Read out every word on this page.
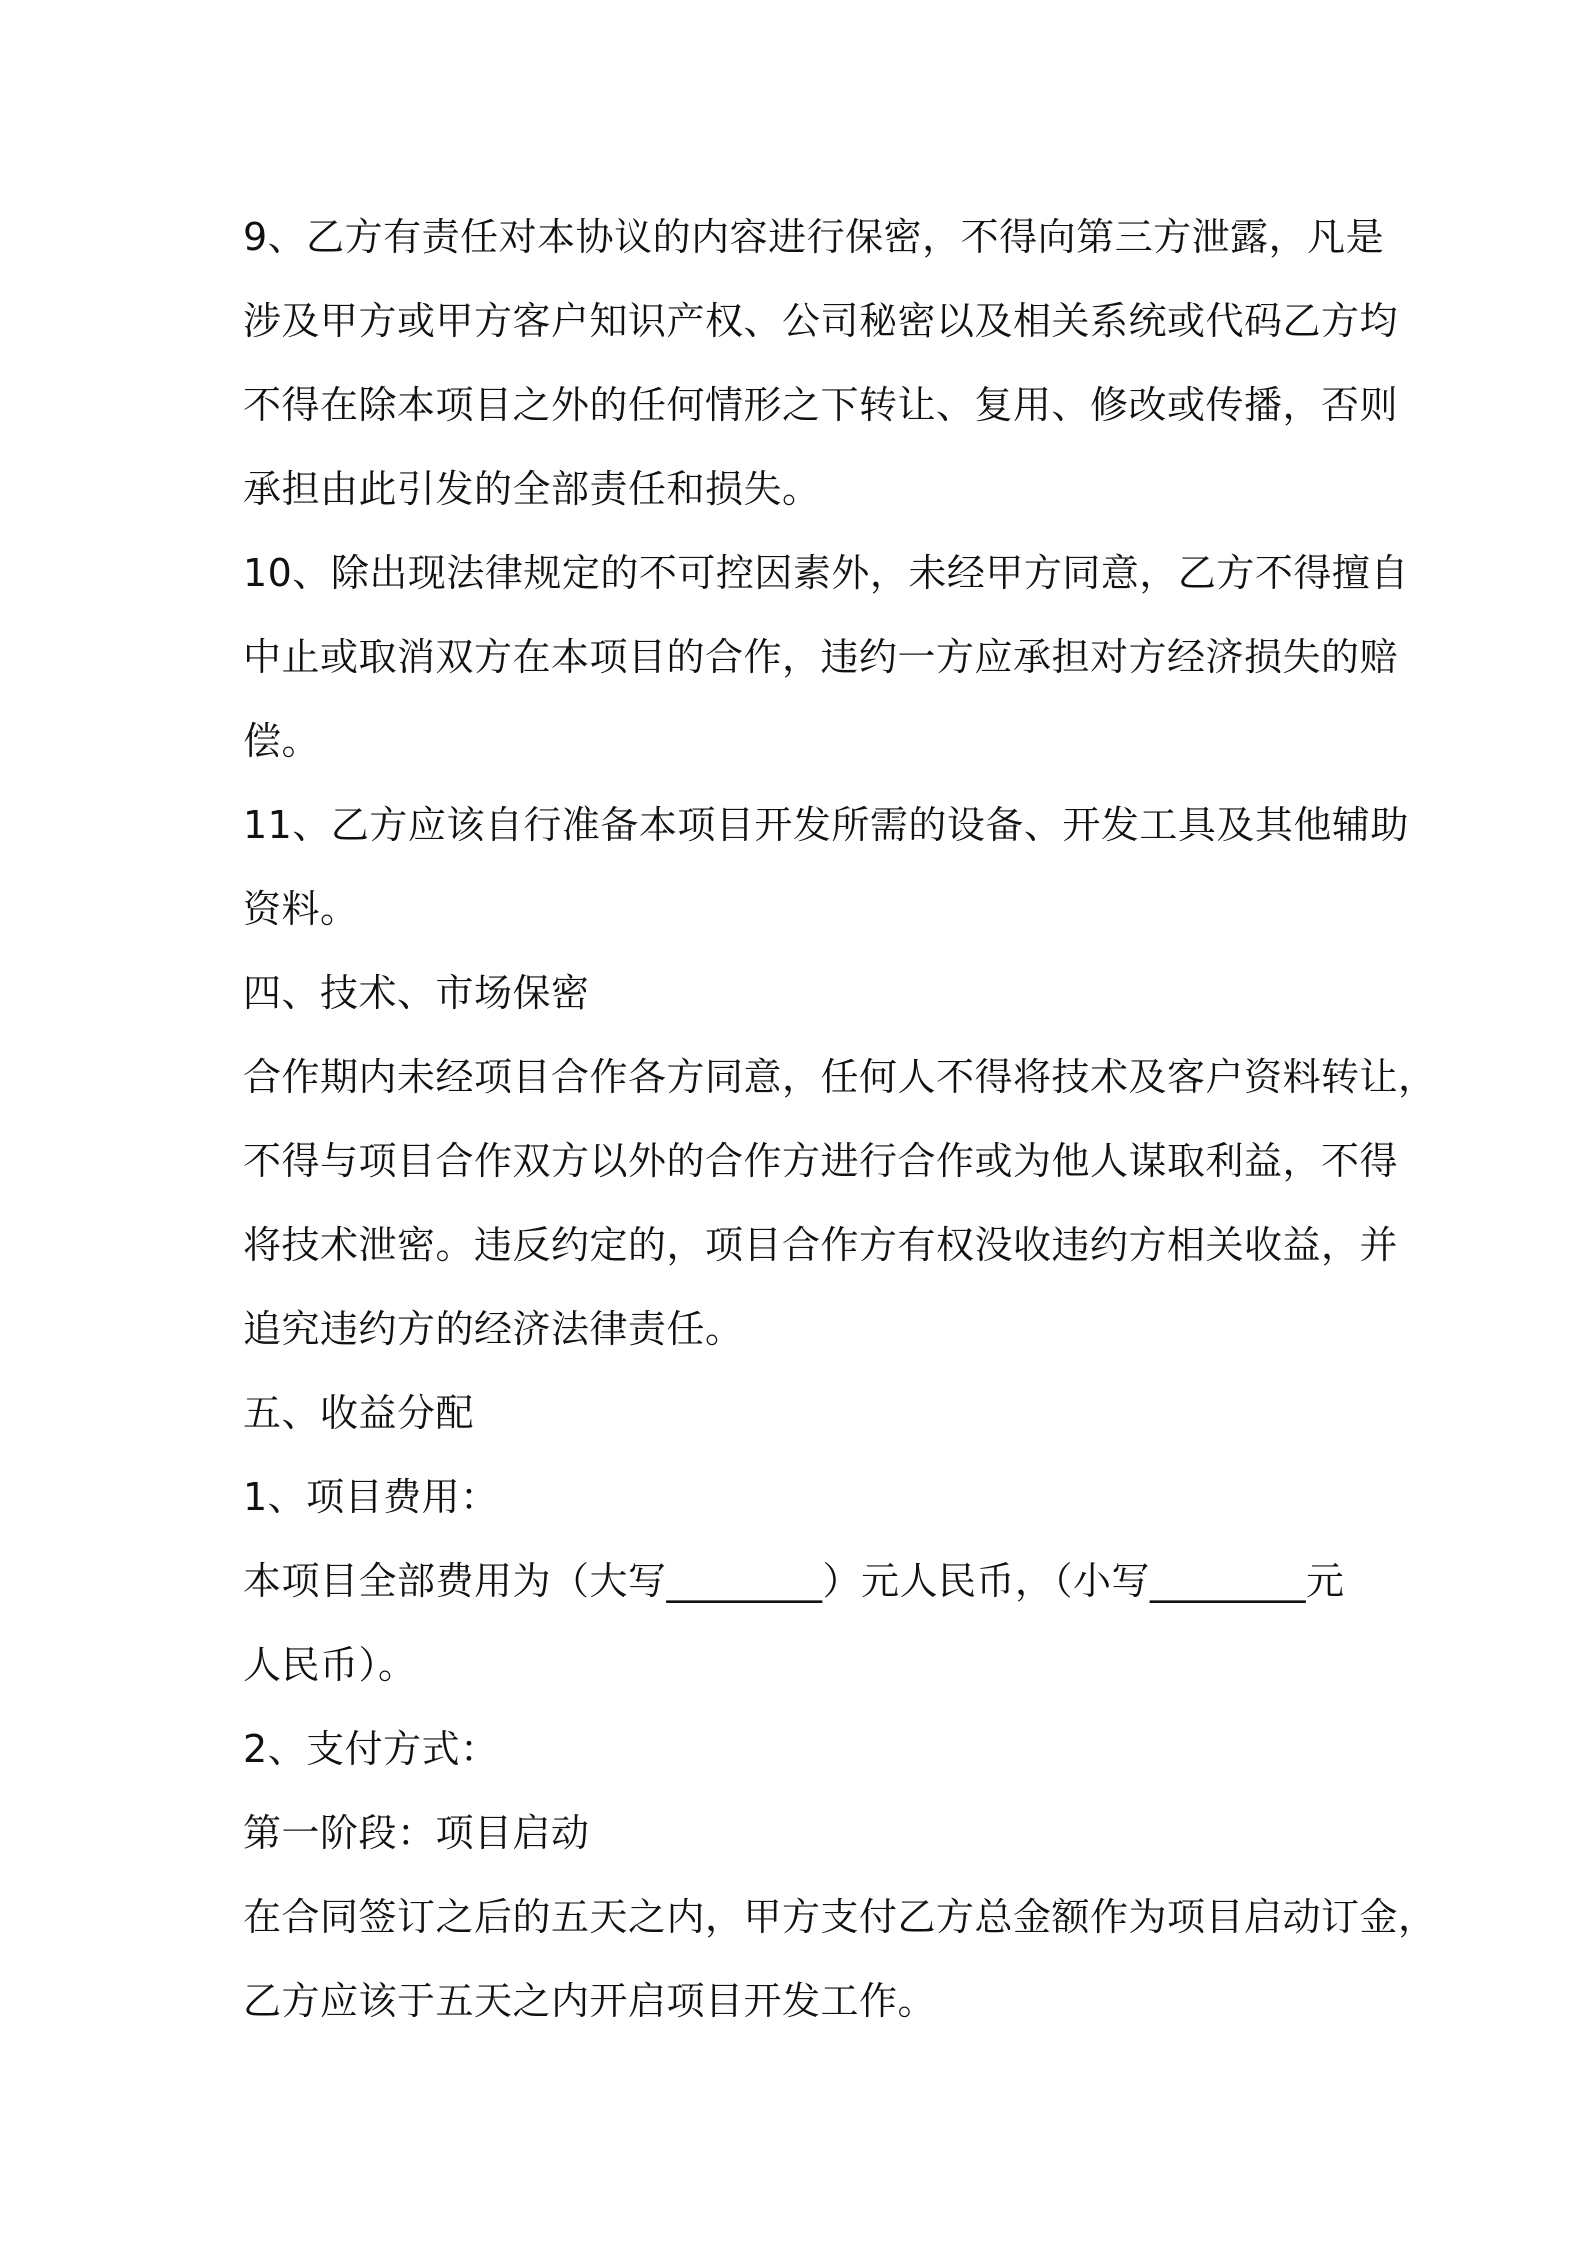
9、乙方有责任对本协议的内容进行保密，不得向第三方泄露，凡是
涉及甲方或甲方客户知识产权、公司秘密以及相关系统或代码乙方均
不得在除本项目之外的任何情形之下转让、复用、修改或传播，否则
承担由此引发的全部责任和损失。

10、除出现法律规定的不可控因素外，未经甲方同意，乙方不得擅自
中止或取消双方在本项目的合作，违约一方应承担对方经济损失的赔
偿。

11、乙方应该自行准备本项目开发所需的设备、开发工具及其他辅助
资料。

四、技术、市场保密

合作期内未经项目合作各方同意，任何人不得将技术及客户资料转让，
不得与项目合作双方以外的合作方进行合作或为他人谋取利益，不得
将技术泄密。违反约定的，项目合作方有权没收违约方相关收益，并
追究违约方的经济法律责任。

五、收益分配

1、项目费用：

本项目全部费用为（大写________）元人民币，（小写________元
人民币）。

2、支付方式：

第一阶段：项目启动

在合同签订之后的五天之内，甲方支付乙方总金额作为项目启动订金，
乙方应该于五天之内开启项目开发工作。
